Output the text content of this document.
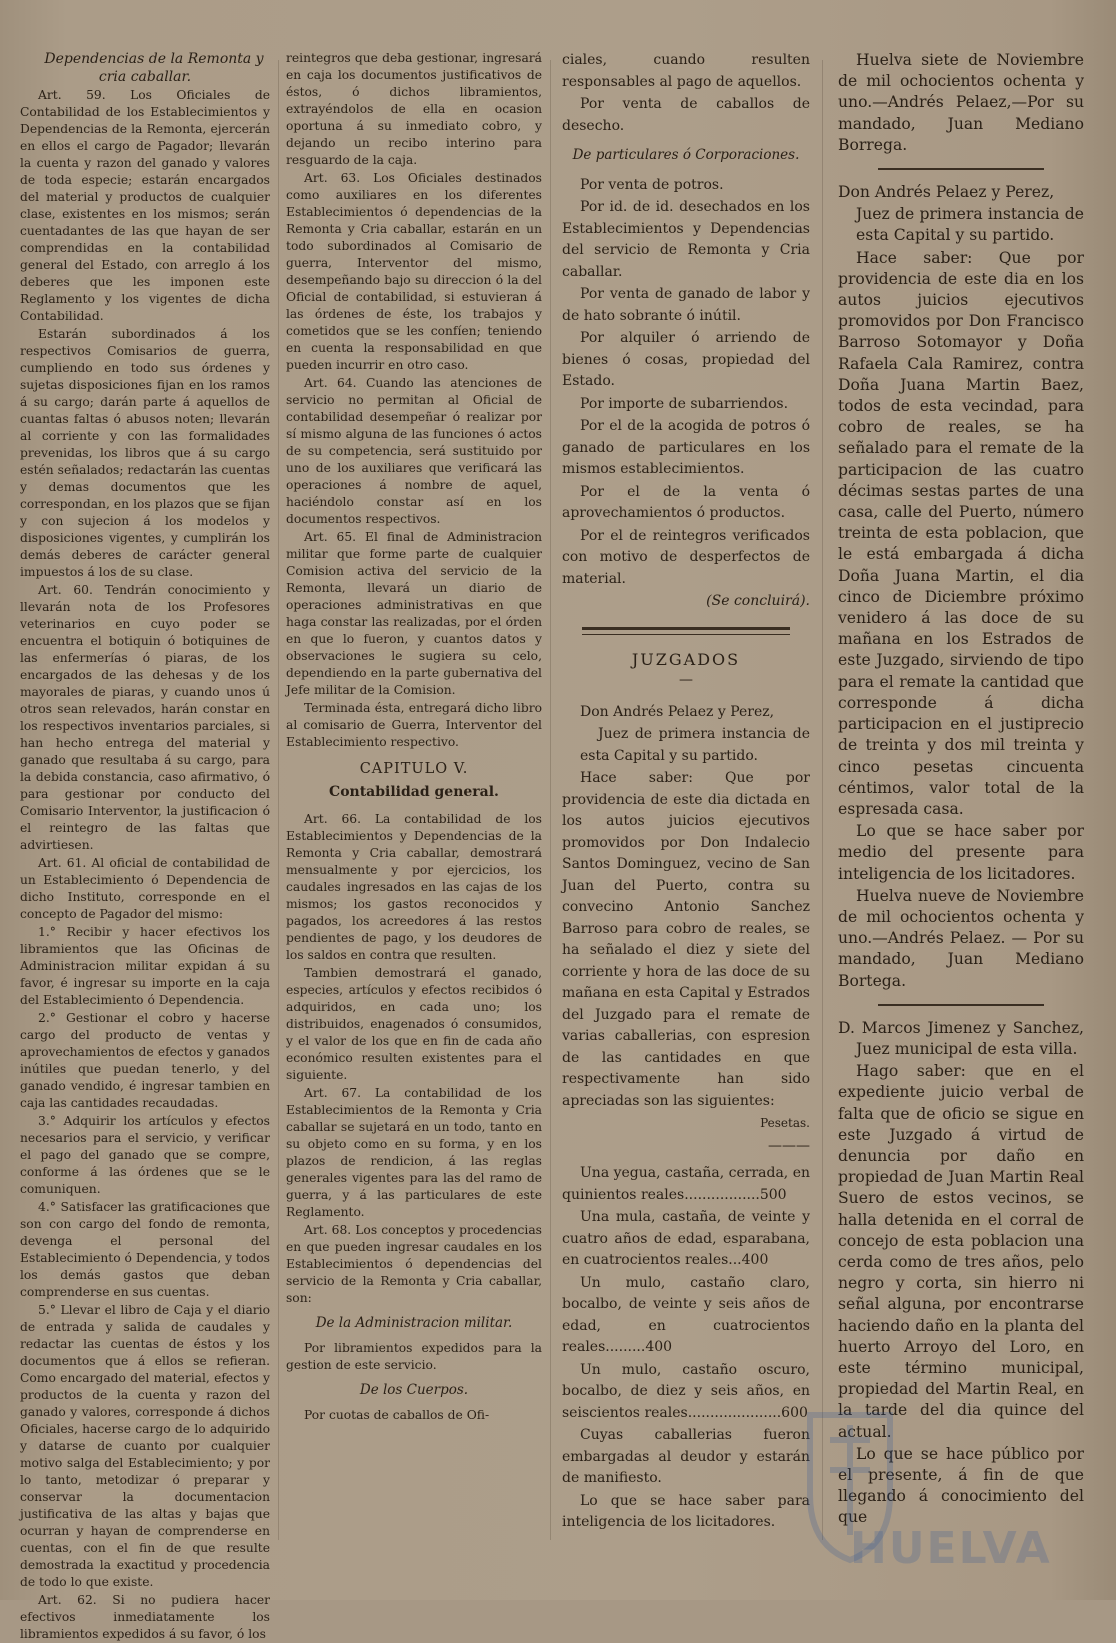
Dependencias de la Remonta y cria caballar.

Art. 59. Los Oficiales de Contabilidad de los Establecimientos y Dependencias de la Remonta, ejercerán en ellos el cargo de Pagador; llevarán la cuenta y razon del ganado y valores de toda especie; estarán encargados del material y productos de cualquier clase, existentes en los mismos; serán cuentadantes de las que hayan de ser comprendidas en la contabilidad general del Estado, con arreglo á los deberes que les imponen este Reglamento y los vigentes de dicha Contabilidad.

Estarán subordinados á los respectivos Comisarios de guerra, cumpliendo en todo sus órdenes y sujetas disposiciones fijan en los ramos á su cargo; darán parte á aquellos de cuantas faltas ó abusos noten; llevarán al corriente y con las formalidades prevenidas, los libros que á su cargo estén señalados; redactarán las cuentas y demas documentos que les correspondan, en los plazos que se fijan y con sujecion á los modelos y disposiciones vigentes, y cumplirán los demás deberes de carácter general impuestos á los de su clase.

Art. 60. Tendrán conocimiento y llevarán nota de los Profesores veterinarios en cuyo poder se encuentra el botiquin ó botiquines de las enfermerías ó piaras, de los encargados de las dehesas y de los mayorales de piaras, y cuando unos ú otros sean relevados, harán constar en los respectivos inventarios parciales, si han hecho entrega del material y ganado que resultaba á su cargo, para la debida constancia, caso afirmativo, ó para gestionar por conducto del Comisario Interventor, la justificacion ó el reintegro de las faltas que advirtiesen.

Art. 61. Al oficial de contabilidad de un Establecimiento ó Dependencia de dicho Instituto, corresponde en el concepto de Pagador del mismo:

1.° Recibir y hacer efectivos los libramientos que las Oficinas de Administracion militar expidan á su favor, é ingresar su importe en la caja del Establecimiento ó Dependencia.

2.° Gestionar el cobro y hacerse cargo del producto de ventas y aprovechamientos de efectos y ganados inútiles que puedan tenerlo, y del ganado vendido, é ingresar tambien en caja las cantidades recaudadas.

3.° Adquirir los artículos y efectos necesarios para el servicio, y verificar el pago del ganado que se compre, conforme á las órdenes que se le comuniquen.

4.° Satisfacer las gratificaciones que son con cargo del fondo de remonta, devenga el personal del Establecimiento ó Dependencia, y todos los demás gastos que deban comprenderse en sus cuentas.

5.° Llevar el libro de Caja y el diario de entrada y salida de caudales y redactar las cuentas de éstos y los documentos que á ellos se refieran. Como encargado del material, efectos y productos de la cuenta y razon del ganado y valores, corresponde á dichos Oficiales, hacerse cargo de lo adquirido y datarse de cuanto por cualquier motivo salga del Establecimiento; y por lo tanto, metodizar ó preparar y conservar la documentacion justificativa de las altas y bajas que ocurran y hayan de comprenderse en cuentas, con el fin de que resulte demostrada la exactitud y procedencia de todo lo que existe.

Art. 62. Si no pudiera hacer efectivos inmediatamente los libramientos expedidos á su favor, ó los

reintegros que deba gestionar, ingresará en caja los documentos justificativos de éstos, ó dichos libramientos, extrayéndolos de ella en ocasion oportuna á su inmediato cobro, y dejando un recibo interino para resguardo de la caja.

Art. 63. Los Oficiales destinados como auxiliares en los diferentes Establecimientos ó dependencias de la Remonta y Cria caballar, estarán en un todo subordinados al Comisario de guerra, Interventor del mismo, desempeñando bajo su direccion ó la del Oficial de contabilidad, si estuvieran á las órdenes de éste, los trabajos y cometidos que se les confíen; teniendo en cuenta la responsabilidad en que pueden incurrir en otro caso.

Art. 64. Cuando las atenciones de servicio no permitan al Oficial de contabilidad desempeñar ó realizar por sí mismo alguna de las funciones ó actos de su competencia, será sustituido por uno de los auxiliares que verificará las operaciones á nombre de aquel, haciéndolo constar así en los documentos respectivos.

Art. 65. El final de Administracion militar que forme parte de cualquier Comision activa del servicio de la Remonta, llevará un diario de operaciones administrativas en que haga constar las realizadas, por el órden en que lo fueron, y cuantos datos y observaciones le sugiera su celo, dependiendo en la parte gubernativa del Jefe militar de la Comision.

Terminada ésta, entregará dicho libro al comisario de Guerra, Interventor del Establecimiento respectivo.

CAPITULO V.

Contabilidad general.

Art. 66. La contabilidad de los Establecimientos y Dependencias de la Remonta y Cria caballar, demostrará mensualmente y por ejercicios, los caudales ingresados en las cajas de los mismos; los gastos reconocidos y pagados, los acreedores á las restos pendientes de pago, y los deudores de los saldos en contra que resulten.

Tambien demostrará el ganado, especies, artículos y efectos recibidos ó adquiridos, en cada uno; los distribuidos, enagenados ó consumidos, y el valor de los que en fin de cada año económico resulten existentes para el siguiente.

Art. 67. La contabilidad de los Establecimientos de la Remonta y Cria caballar se sujetará en un todo, tanto en su objeto como en su forma, y en los plazos de rendicion, á las reglas generales vigentes para las del ramo de guerra, y á las particulares de este Reglamento.

Art. 68. Los conceptos y procedencias en que pueden ingresar caudales en los Establecimientos ó dependencias del servicio de la Remonta y Cria caballar, son:

De la Administracion militar.

Por libramientos expedidos para la gestion de este servicio.

De los Cuerpos.

Por cuotas de caballos de Ofi-

ciales, cuando resulten responsables al pago de aquellos.

Por venta de caballos de desecho.

De particulares ó Corporaciones.

Por venta de potros.

Por id. de id. desechados en los Establecimientos y Dependencias del servicio de Remonta y Cria caballar.

Por venta de ganado de labor y de hato sobrante ó inútil.

Por alquiler ó arriendo de bienes ó cosas, propiedad del Estado.

Por importe de subarriendos.

Por el de la acogida de potros ó ganado de particulares en los mismos establecimientos.

Por el de la venta ó aprovechamientos ó productos.

Por el de reintegros verificados con motivo de desperfectos de material.

(Se concluirá).

JUZGADOS

—

Don Andrés Pelaez y Perez,

Juez de primera instancia de esta Capital y su partido.

Hace saber: Que por providencia de este dia dictada en los autos juicios ejecutivos promovidos por Don Indalecio Santos Dominguez, vecino de San Juan del Puerto, contra su convecino Antonio Sanchez Barroso para cobro de reales, se ha señalado el diez y siete del corriente y hora de las doce de su mañana en esta Capital y Estrados del Juzgado para el remate de varias caballerias, con espresion de las cantidades en que respectivamente han sido apreciadas son las siguientes:

Pesetas.

———

Una yegua, castaña, cerrada, en quinientos reales.................500

Una mula, castaña, de veinte y cuatro años de edad, esparabana, en cuatrocientos reales...400

Un mulo, castaño claro, bocalbo, de veinte y seis años de edad, en cuatrocientos reales.........400

Un mulo, castaño oscuro, bocalbo, de diez y seis años, en seiscientos reales.....................600

Cuyas caballerias fueron embargadas al deudor y estarán de manifiesto.

Lo que se hace saber para inteligencia de los licitadores.

Huelva siete de Noviembre de mil ochocientos ochenta y uno.—Andrés Pelaez,—Por su mandado, Juan Mediano Borrega.

Don Andrés Pelaez y Perez,

Juez de primera instancia de esta Capital y su partido.

Hace saber: Que por providencia de este dia en los autos juicios ejecutivos promovidos por Don Francisco Barroso Sotomayor y Doña Rafaela Cala Ramirez, contra Doña Juana Martin Baez, todos de esta vecindad, para cobro de reales, se ha señalado para el remate de la participacion de las cuatro décimas sestas partes de una casa, calle del Puerto, número treinta de esta poblacion, que le está embargada á dicha Doña Juana Martin, el dia cinco de Diciembre próximo venidero á las doce de su mañana en los Estrados de este Juzgado, sirviendo de tipo para el remate la cantidad que corresponde á dicha participacion en el justiprecio de treinta y dos mil treinta y cinco pesetas cincuenta céntimos, valor total de la espresada casa.

Lo que se hace saber por medio del presente para inteligencia de los licitadores.

Huelva nueve de Noviembre de mil ochocientos ochenta y uno.—Andrés Pelaez. — Por su mandado, Juan Mediano Bortega.

D. Marcos Jimenez y Sanchez, Juez municipal de esta villa.

Hago saber: que en el expediente juicio verbal de falta que de oficio se sigue en este Juzgado á virtud de denuncia por daño en propiedad de Juan Martin Real Suero de estos vecinos, se halla detenida en el corral de concejo de esta poblacion una cerda como de tres años, pelo negro y corta, sin hierro ni señal alguna, por encontrarse haciendo daño en la planta del huerto Arroyo del Loro, en este término municipal, propiedad del Martin Real, en la tarde del dia quince del actual.

Lo que se hace público por el presente, á fin de que llegando á conocimiento del que

HUELVA
